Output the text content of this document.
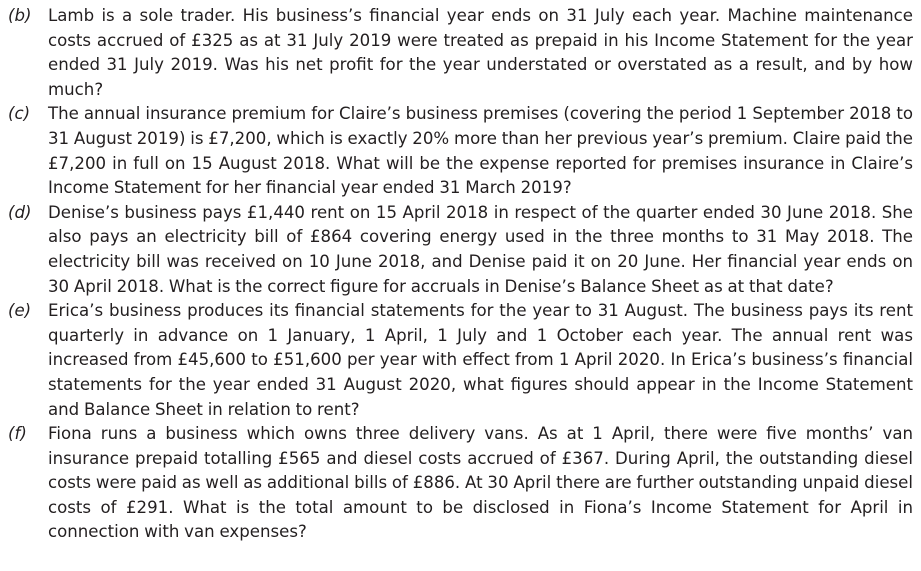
(b) Lamb is a sole trader. His business’s financial year ends on 31 July each year. Machine maintenance costs accrued of £325 as at 31 July 2019 were treated as prepaid in his Income Statement for the year ended 31 July 2019. Was his net profit for the year understated or overstated as a result, and by how much?
(c)	The annual insurance premium for Claire’s business premises (covering the period 1 September 2018 to 31 August 2019) is £7,200, which is exactly 20% more than her previous year’s premium. Claire paid the £7,200 in full on 15 August 2018. What will be the expense reported for premises insurance in Claire’s Income Statement for her financial year ended 31 March 2019?
(d) Denise’s business pays £1,440 rent on 15 April 2018 in respect of the quarter ended 30 June 2018. She also pays an electricity bill of £864 covering energy used in the three months to 31 May 2018. The electricity bill was received on 10 June 2018, and Denise paid it on 20 June. Her financial year ends on 30 April 2018. What is the correct figure for accruals in Denise’s Balance Sheet as at that date?
(e)	Erica’s business produces its financial statements for the year to 31 August. The business pays its rent quarterly in advance on 1 January, 1 April, 1 July and 1 October each year. The annual rent was increased from £45,600 to £51,600 per year with effect from 1 April 2020. In Erica’s business’s financial statements for the year ended 31 August 2020, what figures should appear in the Income Statement and Balance Sheet in relation to rent?
(f)	Fiona runs a business which owns three delivery vans. As at 1 April, there were five months’ van insurance prepaid totalling £565 and diesel costs accrued of £367. During April, the outstanding diesel costs were paid as well as additional bills of £886. At 30 April there are further outstanding unpaid diesel costs of £291. What is the total amount to be disclosed in Fiona’s Income Statement for April in connection with van expenses?
